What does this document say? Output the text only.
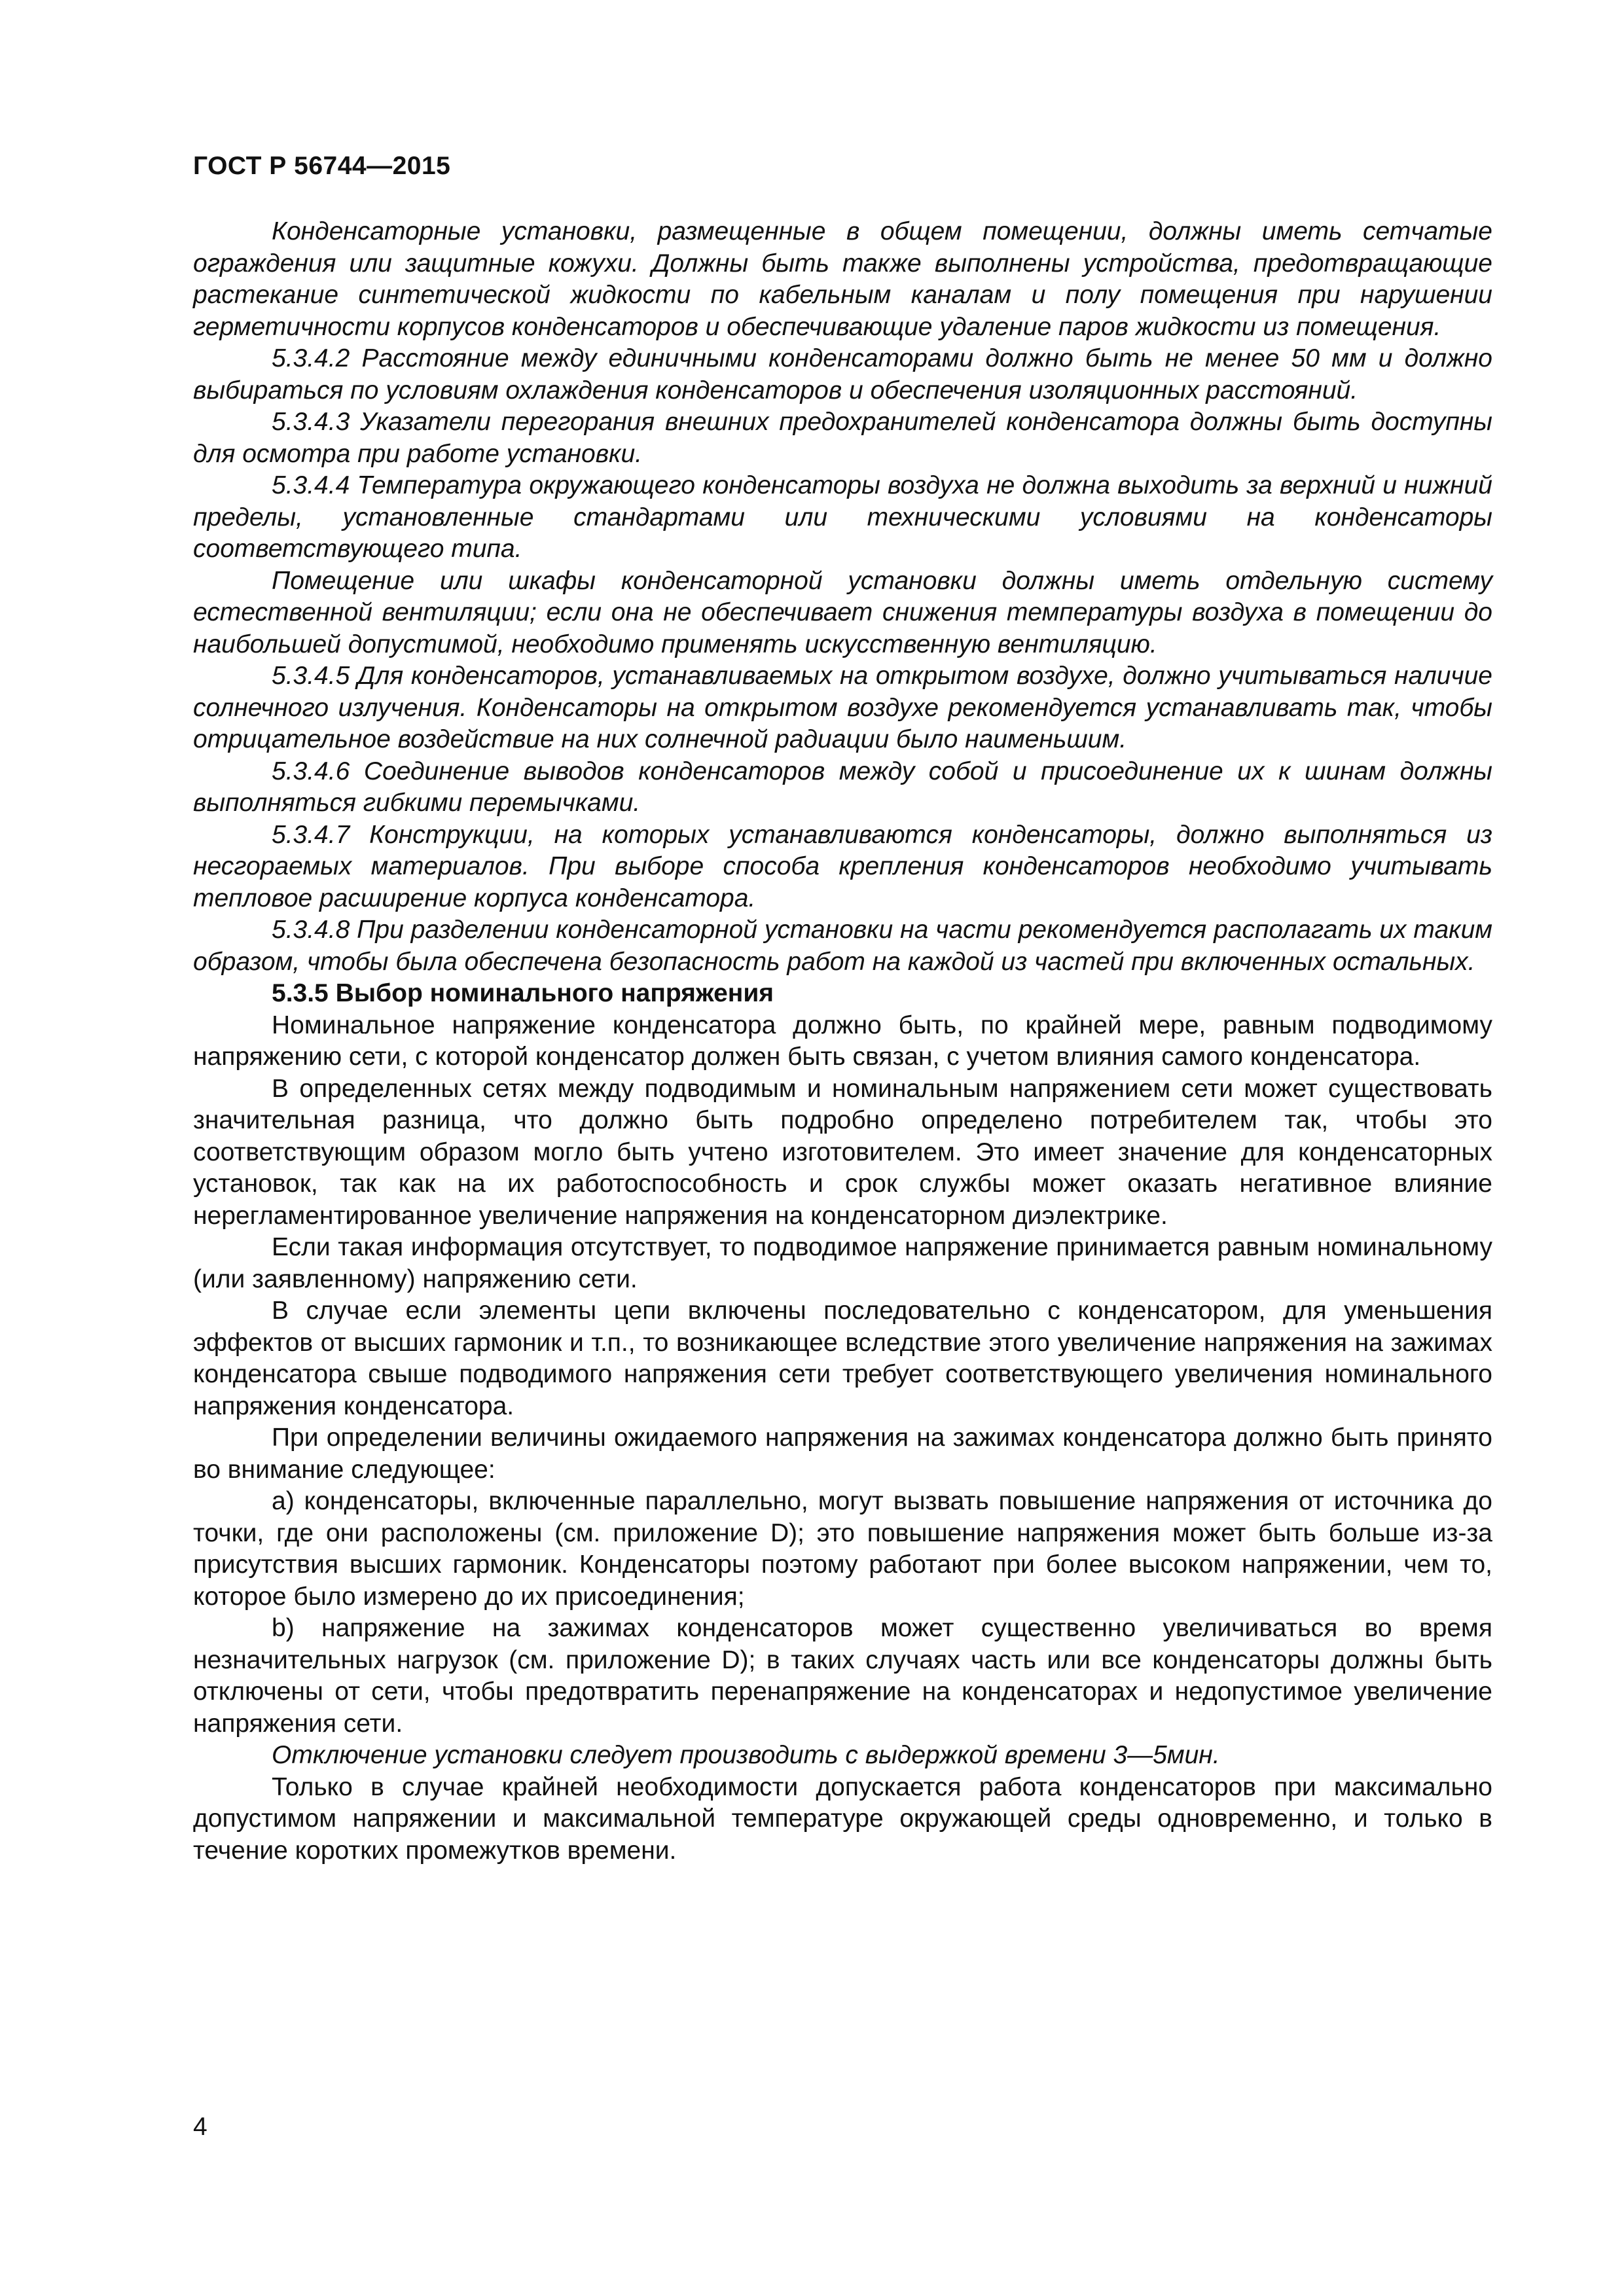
ГОСТ Р 56744—2015

Конденсаторные установки, размещенные в общем помещении, должны иметь сетчатые ограждения или защитные кожухи. Должны быть также выполнены устройства, предотвращающие растекание синтетической жидкости по кабельным каналам и полу помещения при нарушении герметичности корпусов конденсаторов и обеспечивающие удаление паров жидкости из помещения.

5.3.4.2 Расстояние между единичными конденсаторами должно быть не менее 50 мм и должно выбираться по условиям охлаждения конденсаторов и обеспечения изоляционных расстояний.

5.3.4.3 Указатели перегорания внешних предохранителей конденсатора должны быть доступны для осмотра при работе установки.

5.3.4.4 Температура окружающего конденсаторы воздуха не должна выходить за верхний и нижний пределы, установленные стандартами или техническими условиями на конденсаторы соответствующего типа.

Помещение или шкафы конденсаторной установки должны иметь отдельную систему естественной вентиляции; если она не обеспечивает снижения температуры воздуха в помещении до наибольшей допустимой, необходимо применять искусственную вентиляцию.

5.3.4.5 Для конденсаторов, устанавливаемых на открытом воздухе, должно учитываться наличие солнечного излучения. Конденсаторы на открытом воздухе рекомендуется устанавливать так, чтобы отрицательное воздействие на них солнечной радиации было наименьшим.

5.3.4.6 Соединение выводов конденсаторов между собой и присоединение их к шинам должны выполняться гибкими перемычками.

5.3.4.7 Конструкции, на которых устанавливаются конденсаторы, должно выполняться из несгораемых материалов. При выборе способа крепления конденсаторов необходимо учитывать тепловое расширение корпуса конденсатора.

5.3.4.8 При разделении конденсаторной установки на части рекомендуется располагать их таким образом, чтобы была обеспечена безопасность работ на каждой из частей при включенных остальных.

5.3.5 Выбор номинального напряжения

Номинальное напряжение конденсатора должно быть, по крайней мере, равным подводимому напряжению сети, с которой конденсатор должен быть связан, с учетом влияния самого конденсатора.

В определенных сетях между подводимым и номинальным напряжением сети может существовать значительная разница, что должно быть подробно определено потребителем так, чтобы это соответствующим образом могло быть учтено изготовителем. Это имеет значение для конденсаторных установок, так как на их работоспособность и срок службы может оказать негативное влияние нерегламентированное увеличение напряжения на конденсаторном диэлектрике.

Если такая информация отсутствует, то подводимое напряжение принимается равным номинальному (или заявленному) напряжению сети.

В случае если элементы цепи включены последовательно с конденсатором, для уменьшения эффектов от высших гармоник и т.п., то возникающее вследствие этого увеличение напряжения на зажимах конденсатора свыше подводимого напряжения сети требует соответствующего увеличения номинального напряжения конденсатора.

При определении величины ожидаемого напряжения на зажимах конденсатора должно быть принято во внимание следующее:

a) конденсаторы, включенные параллельно, могут вызвать повышение напряжения от источника до точки, где они расположены (см. приложение D); это повышение напряжения может быть больше из-за присутствия высших гармоник. Конденсаторы поэтому работают при более высоком напряжении, чем то, которое было измерено до их присоединения;

b) напряжение на зажимах конденсаторов может существенно увеличиваться во время незначительных нагрузок (см. приложение D); в таких случаях часть или все конденсаторы должны быть отключены от сети, чтобы предотвратить перенапряжение на конденсаторах и недопустимое увеличение напряжения сети.

Отключение установки следует производить с выдержкой времени 3—5мин.

Только в случае крайней необходимости допускается работа конденсаторов при максимально допустимом напряжении и максимальной температуре окружающей среды одновременно, и только в течение коротких промежутков времени.

4
